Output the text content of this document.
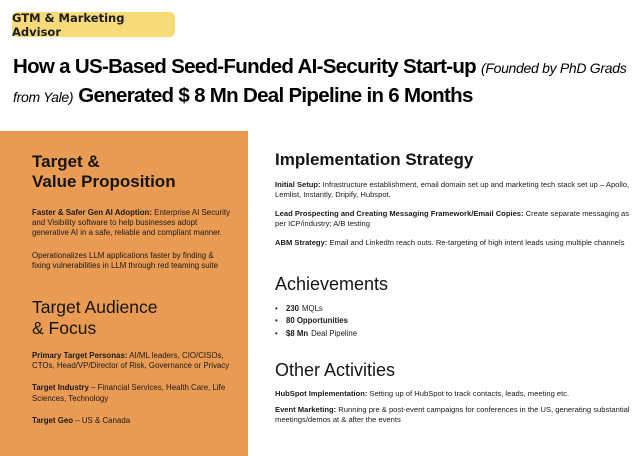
GTM & Marketing Advisor
How a US-Based Seed-Funded AI-Security Start-up (Founded by PhD Grads from Yale) Generated $ 8 Mn Deal Pipeline in 6 Months
Target &
Value Proposition

Faster & Safer Gen AI Adoption: Enterprise AI Security and Visibility software to help businesses adopt generative AI in a safe, reliable and compliant manner.

Operationalizes LLM applications faster by finding & fixing vulnerabilities in LLM through red teaming suite

Target Audience
& Focus

Primary Target Personas: AI/ML leaders, CIO/CISOs, CTOs, Head/VP/Director of Risk, Governance or Privacy

Target Industry – Financial Services, Health Care, Life Sciences, Technology

Target Geo – US & Canada

Implementation Strategy

Initial Setup: Infrastructure establishment, email domain set up and marketing tech stack set up – Apollo, Lemlist, Instantly, Dripify, Hubspot.

Lead Prospecting and Creating Messaging Framework/Email Copies: Create separate messaging as per ICP/industry; A/B testing

ABM Strategy: Email and LinkedIn reach outs. Re-targeting of high intent leads using multiple channels

Achievements
•	230 MQLs
•	80 Opportunities
•	$8 Mn Deal Pipeline
Other Activities

HubSpot Implementation: Setting up of HubSpot to track contacts, leads, meeting etc.

Event Marketing: Running pre & post-event campaigns for conferences in the US, generating substantial meetings/demos at & after the events
